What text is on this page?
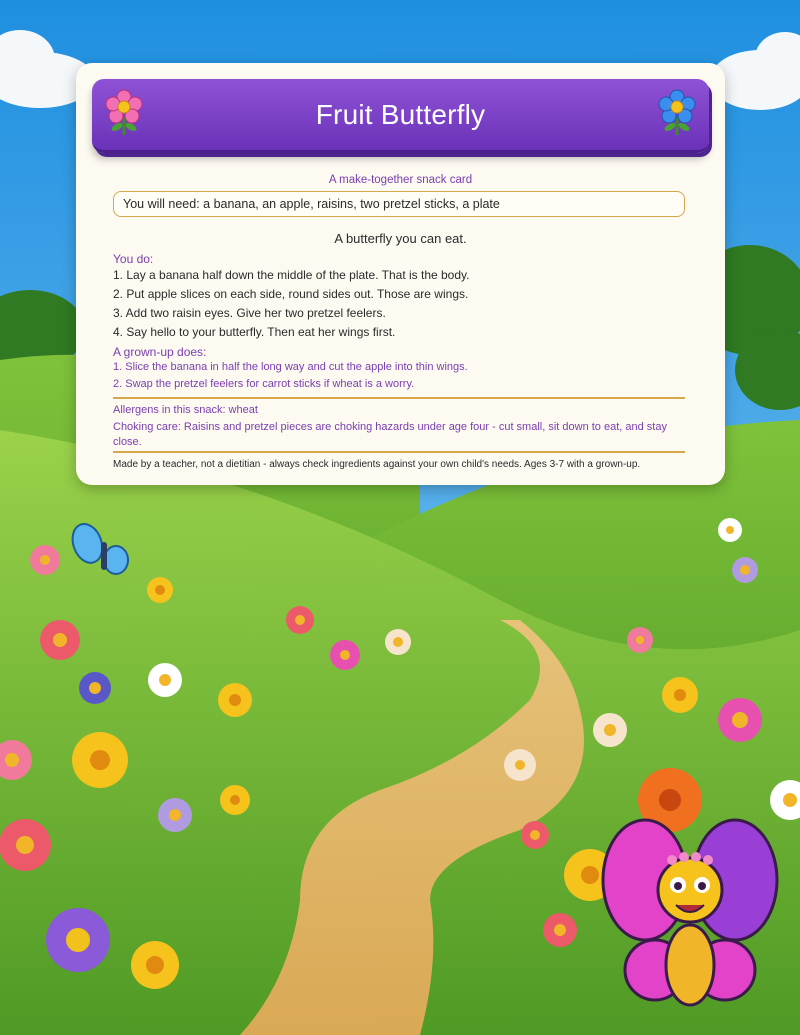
Fruit Butterfly
A make-together snack card
You will need: a banana, an apple, raisins, two pretzel sticks, a plate
A butterfly you can eat.
You do:
1. Lay a banana half down the middle of the plate. That is the body.
2. Put apple slices on each side, round sides out. Those are wings.
3. Add two raisin eyes. Give her two pretzel feelers.
4. Say hello to your butterfly. Then eat her wings first.
A grown-up does:
1. Slice the banana in half the long way and cut the apple into thin wings.
2. Swap the pretzel feelers for carrot sticks if wheat is a worry.
Allergens in this snack: wheat
Choking care: Raisins and pretzel pieces are choking hazards under age four - cut small, sit down to eat, and stay close.
Made by a teacher, not a dietitian - always check ingredients against your own child's needs. Ages 3-7 with a grown-up.
